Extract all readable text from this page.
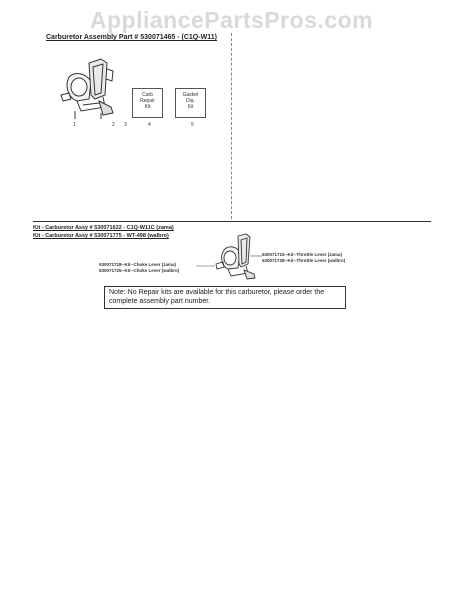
AppliancePartsPros.com
Carburetor Assembly Part # 530071465 - (C1Q-W11)
Carb
Repair
Kit
Gasket
Dia.
Kit
1	2 3	4	5
Kit - Carburetor Assy # 530071632 - C1Q-W11C (zama)
Kit - Carburetor Assy # 530071775 - WT-498 (walbro)
530071715--Kit--Throttle Lever (zama)
530071728--Kit--Throttle Lever (walbro)
530071718--Kit--Choke Lever (zama)
530071725--Kit--Choke Lever (walbro)
Note: No Repair kits are available for this carburetor, please order the complete assembly part number.
